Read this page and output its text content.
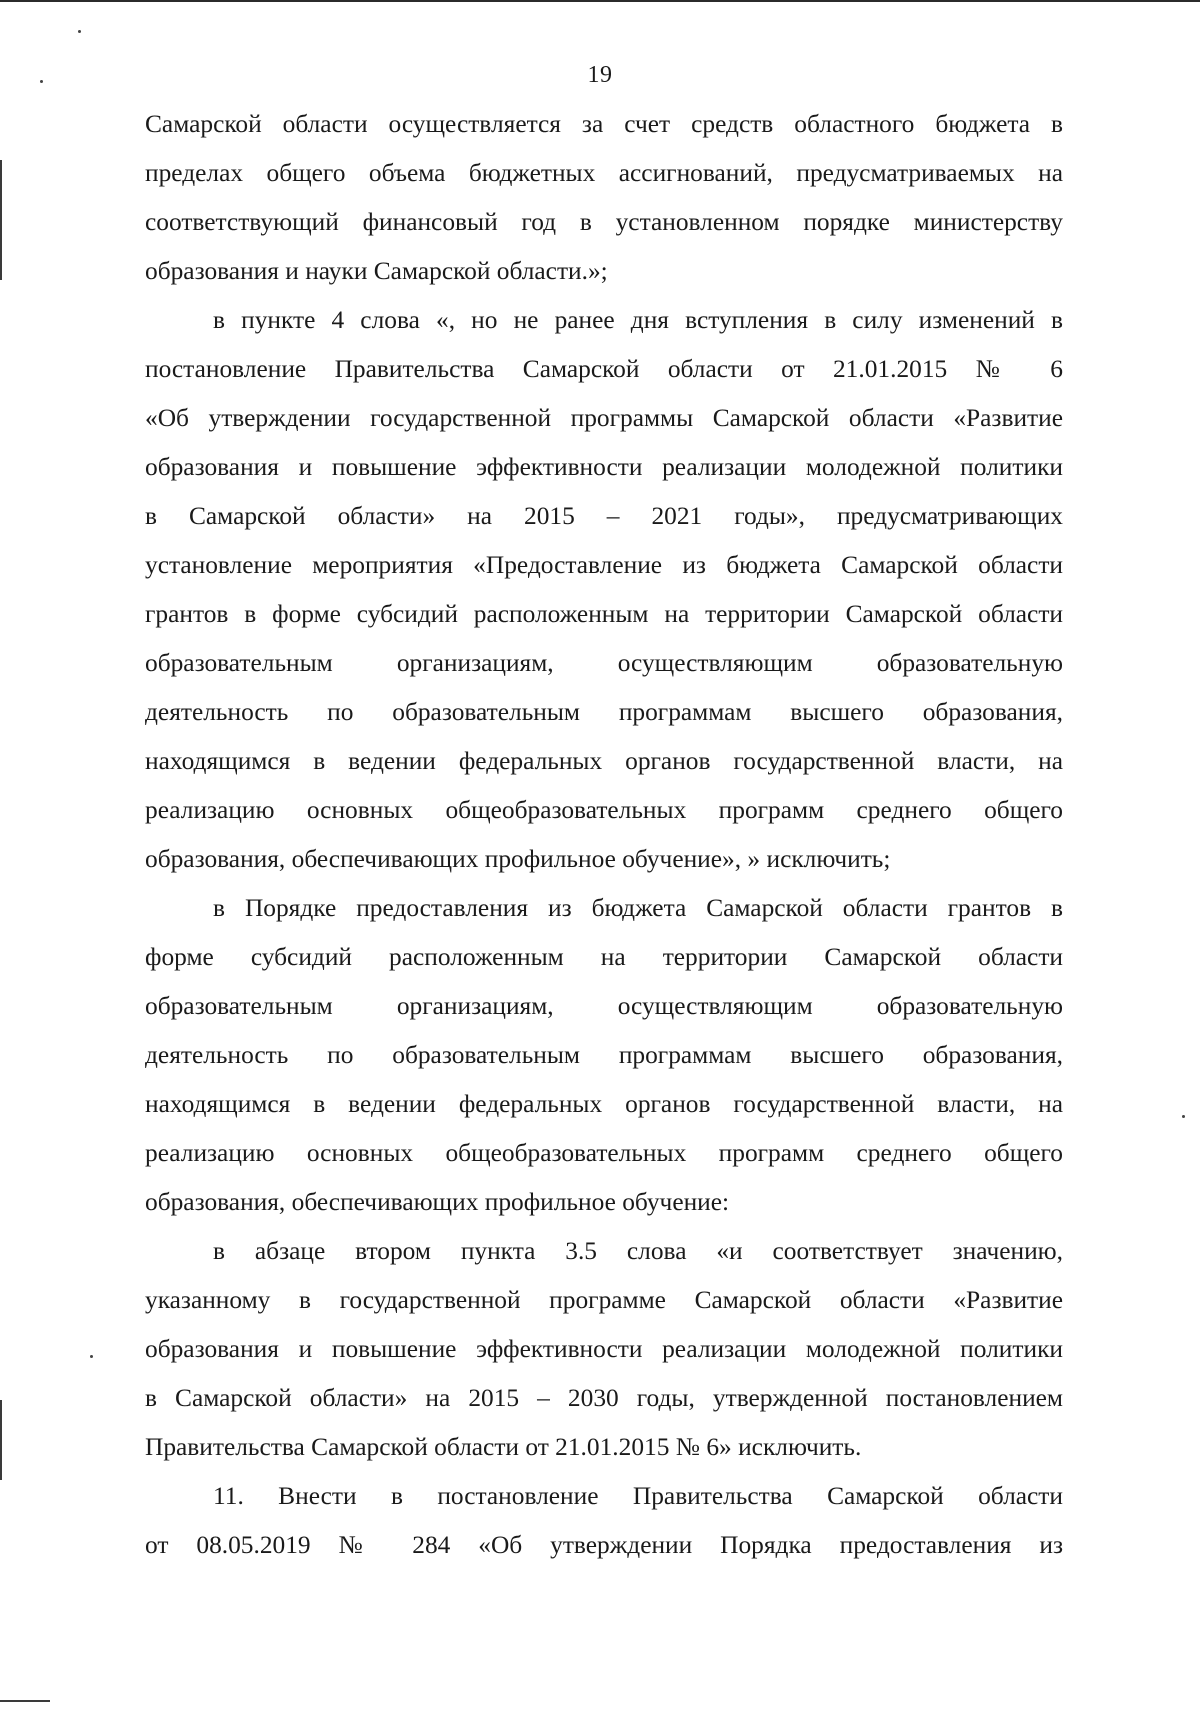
19
Самарской области осуществляется за счет средств областного бюджета в
пределах общего объема бюджетных ассигнований, предусматриваемых на
соответствующий финансовый год в установленном порядке министерству
образования и науки Самарской области.»;
в пункте 4 слова «, но не ранее дня вступления в силу изменений в
постановление Правительства Самарской области от 21.01.2015 № 6
«Об утверждении государственной программы Самарской области «Развитие
образования и повышение эффективности реализации молодежной политики
в Самарской области» на 2015 – 2021 годы», предусматривающих
установление мероприятия «Предоставление из бюджета Самарской области
грантов в форме субсидий расположенным на территории Самарской области
образовательным организациям, осуществляющим образовательную
деятельность по образовательным программам высшего образования,
находящимся в ведении федеральных органов государственной власти, на
реализацию основных общеобразовательных программ среднего общего
образования, обеспечивающих профильное обучение», » исключить;
в Порядке предоставления из бюджета Самарской области грантов в
форме субсидий расположенным на территории Самарской области
образовательным организациям, осуществляющим образовательную
деятельность по образовательным программам высшего образования,
находящимся в ведении федеральных органов государственной власти, на
реализацию основных общеобразовательных программ среднего общего
образования, обеспечивающих профильное обучение:
в абзаце втором пункта 3.5 слова «и соответствует значению,
указанному в государственной программе Самарской области «Развитие
образования и повышение эффективности реализации молодежной политики
в Самарской области» на 2015 – 2030 годы, утвержденной постановлением
Правительства Самарской области от 21.01.2015 № 6» исключить.
11. Внести в постановление Правительства Самарской области
от 08.05.2019 № 284 «Об утверждении Порядка предоставления из
